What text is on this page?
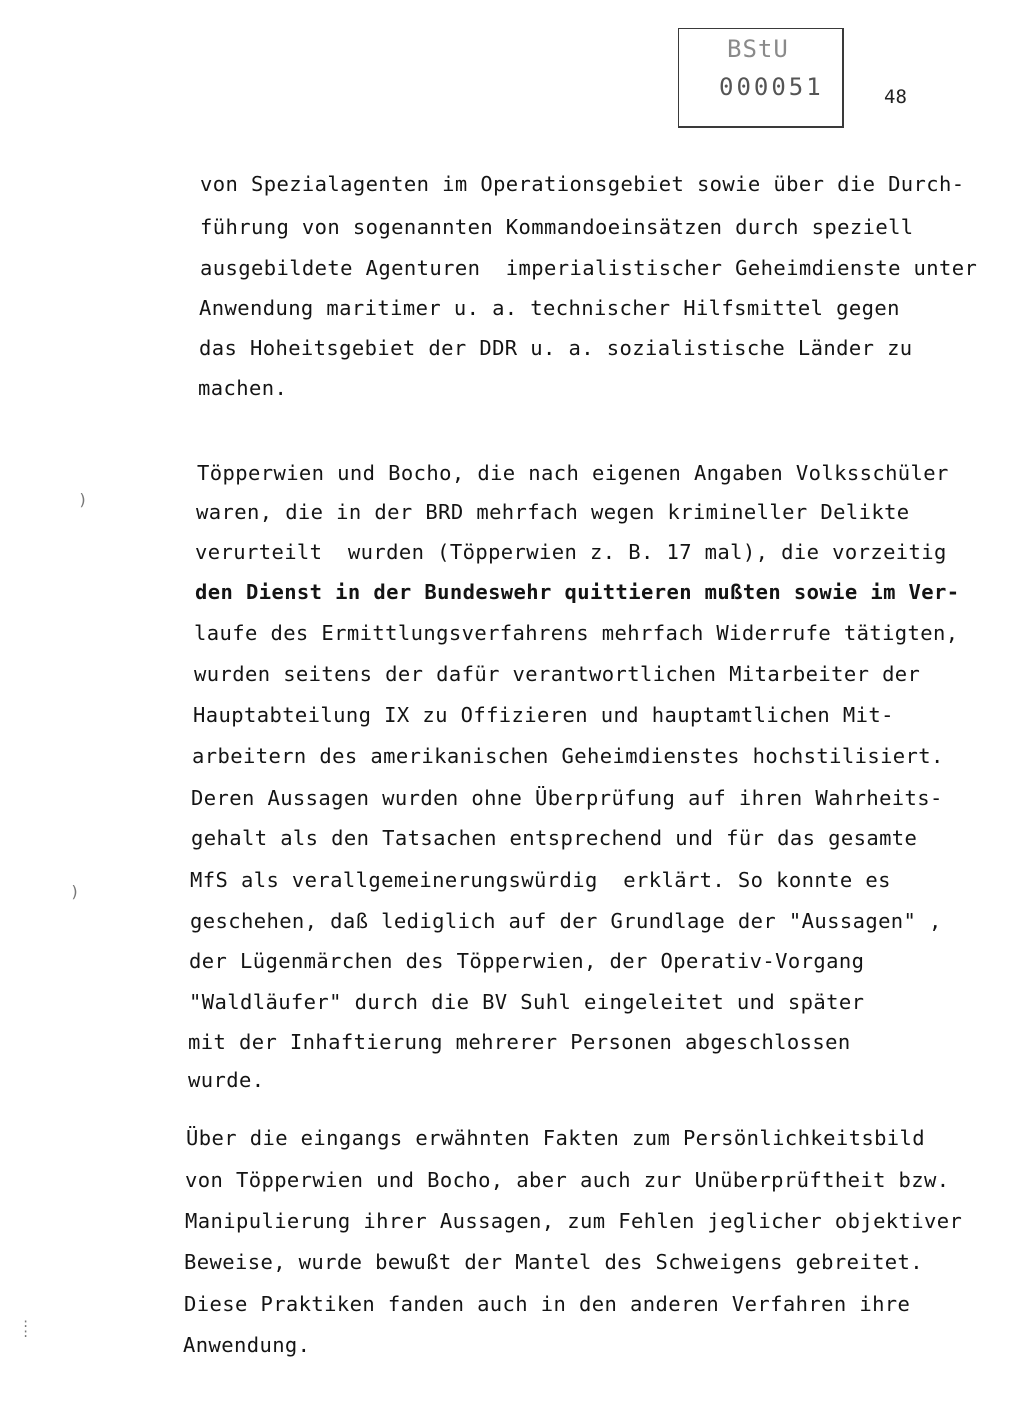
BStU
000051	48
)
)
:
:
von Spezialagenten im Operationsgebiet sowie über die Durch-
führung von sogenannten Kommandoeinsätzen durch speziell
ausgebildete Agenturen  imperialistischer Geheimdienste unter
Anwendung maritimer u. a. technischer Hilfsmittel gegen
das Hoheitsgebiet der DDR u. a. sozialistische Länder zu
machen.
Töpperwien und Bocho, die nach eigenen Angaben Volksschüler
waren, die in der BRD mehrfach wegen krimineller Delikte
verurteilt  wurden (Töpperwien z. B. 17 mal), die vorzeitig
den Dienst in der Bundeswehr quittieren mußten sowie im Ver-
laufe des Ermittlungsverfahrens mehrfach Widerrufe tätigten,
wurden seitens der dafür verantwortlichen Mitarbeiter der
Hauptabteilung IX zu Offizieren und hauptamtlichen Mit-
arbeitern des amerikanischen Geheimdienstes hochstilisiert.
Deren Aussagen wurden ohne Überprüfung auf ihren Wahrheits-
gehalt als den Tatsachen entsprechend und für das gesamte
MfS als verallgemeinerungswürdig  erklärt. So konnte es
geschehen, daß lediglich auf der Grundlage der "Aussagen" ,
der Lügenmärchen des Töpperwien, der Operativ-Vorgang
"Waldläufer" durch die BV Suhl eingeleitet und später
mit der Inhaftierung mehrerer Personen abgeschlossen
wurde.
Über die eingangs erwähnten Fakten zum Persönlichkeitsbild
von Töpperwien und Bocho, aber auch zur Unüberprüftheit bzw.
Manipulierung ihrer Aussagen, zum Fehlen jeglicher objektiver
Beweise, wurde bewußt der Mantel des Schweigens gebreitet.
Diese Praktiken fanden auch in den anderen Verfahren ihre
Anwendung.
